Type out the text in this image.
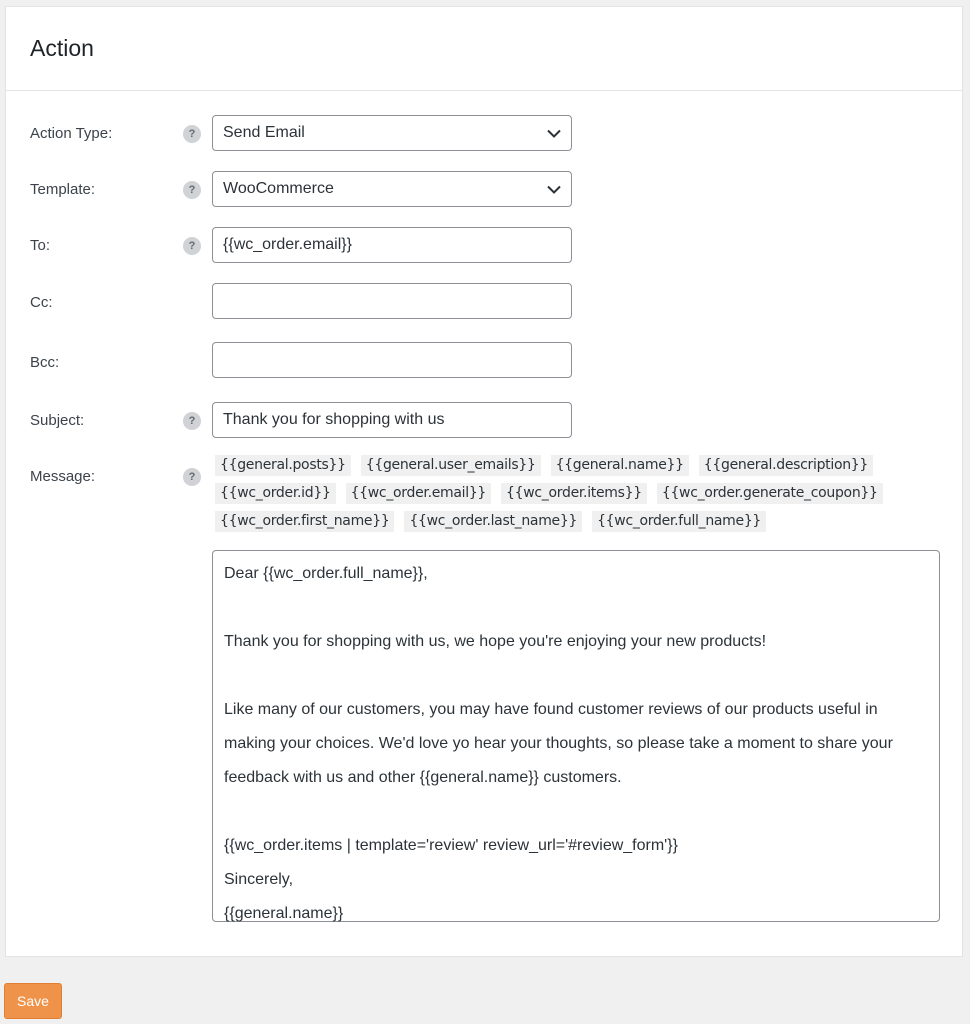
Action
Action Type:	?	Send Email
Template:	?	WooCommerce
To:	?	{{wc_order.email}}
Cc:
Bcc:
Subject:	?	Thank you for shopping with us
Message:	?
{{general.posts}}	{{general.user_emails}}	{{general.name}}	{{general.description}}
{{wc_order.id}}	{{wc_order.email}}	{{wc_order.items}}	{{wc_order.generate_coupon}}
{{wc_order.first_name}}	{{wc_order.last_name}}	{{wc_order.full_name}}
Dear {{wc_order.full_name}},
Thank you for shopping with us, we hope you're enjoying your new products!
Like many of our customers, you may have found customer reviews of our products useful in
making your choices. We'd love yo hear your thoughts, so please take a moment to share your
feedback with us and other {{general.name}} customers.
{{wc_order.items | template='review' review_url='#review_form'}}
Sincerely,
{{general.name}}
Save
